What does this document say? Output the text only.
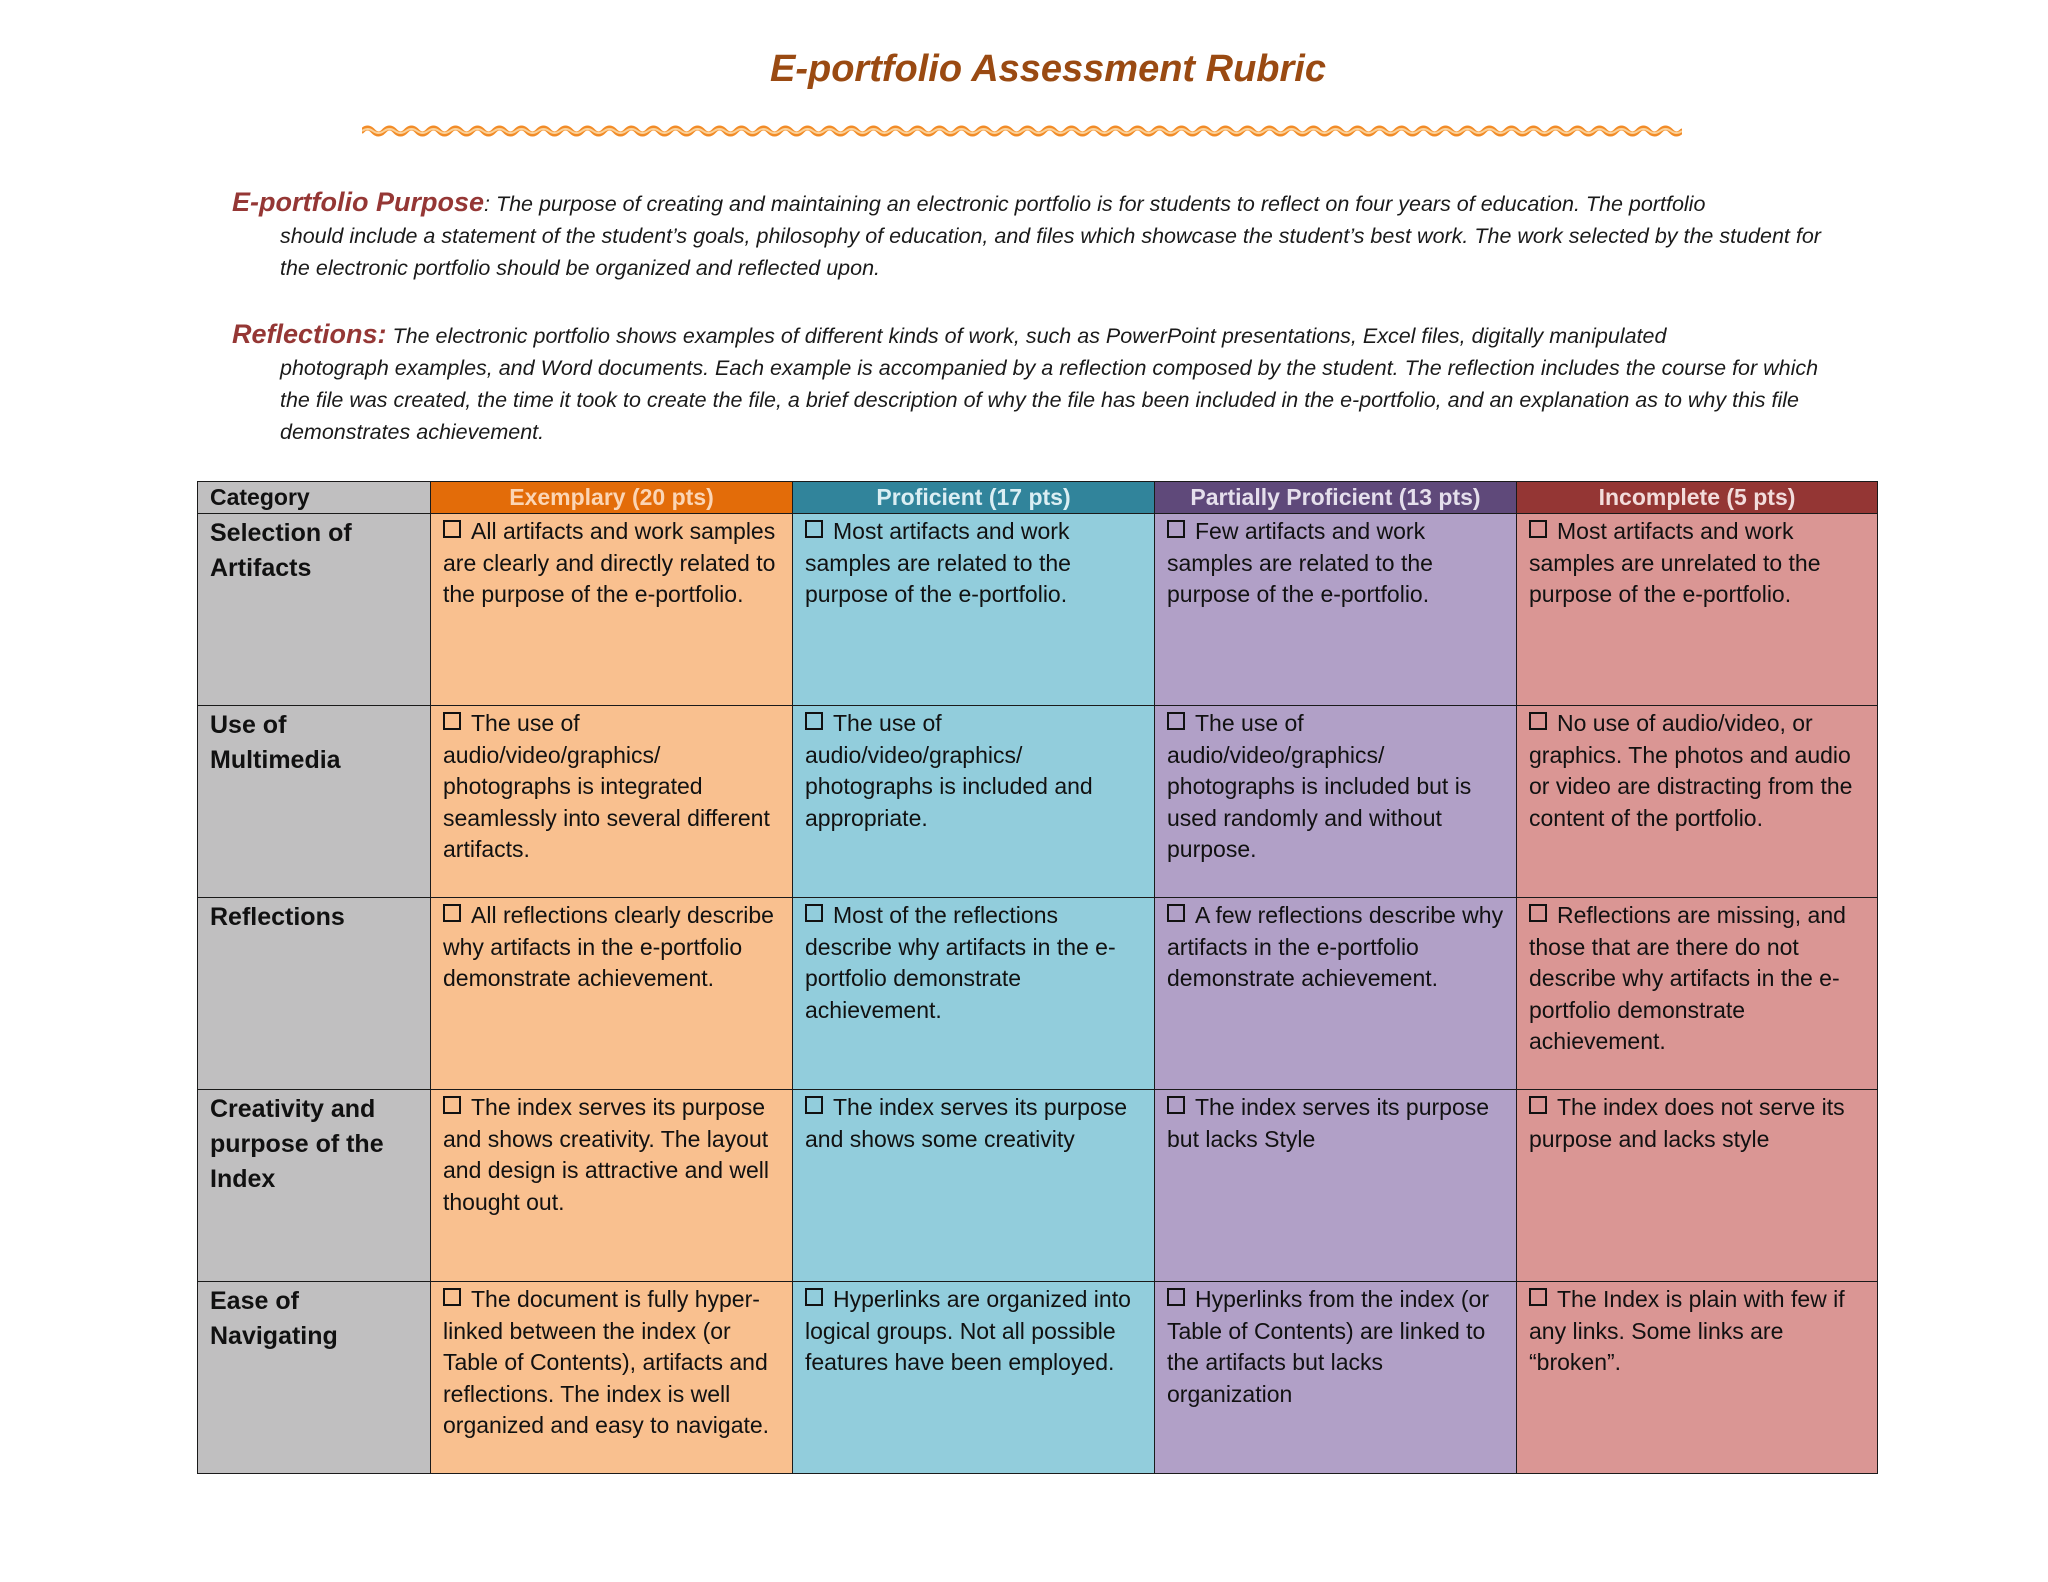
E-portfolio Assessment Rubric
E-portfolio Purpose: The purpose of creating and maintaining an electronic portfolio is for students to reflect on four years of education. The portfolio
should include a statement of the student’s goals, philosophy of education, and files which showcase the student’s best work. The work selected by the student for the electronic portfolio should be organized and reflected upon.
Reflections: The electronic portfolio shows examples of different kinds of work, such as PowerPoint presentations, Excel files, digitally manipulated
photograph examples, and Word documents. Each example is accompanied by a reflection composed by the student. The reflection includes the course for which the file was created, the time it took to create the file, a brief description of why the file has been included in the e-portfolio, and an explanation as to why this file demonstrates achievement.
Category	Exemplary (20 pts)	Proficient (17 pts)	Partially Proficient (13 pts)	Incomplete (5 pts)
Selection of Artifacts	All artifacts and work samples are clearly and directly related to the purpose of the e-portfolio.	Most artifacts and work samples are related to the purpose of the e-portfolio.	Few artifacts and work samples are related to the purpose of the e-portfolio.	Most artifacts and work samples are unrelated to the purpose of the e-portfolio.
Use of Multimedia	The use of audio/video/graphics/ photographs is integrated seamlessly into several different artifacts.	The use of audio/video/graphics/ photographs is included and appropriate.	The use of audio/video/graphics/ photographs is included but is used randomly and without purpose.	No use of audio/video, or graphics. The photos and audio or video are distracting from the content of the portfolio.
Reflections	All reflections clearly describe why artifacts in the e-portfolio demonstrate achievement.	Most of the reflections describe why artifacts in the e-portfolio demonstrate achievement.	A few reflections describe why artifacts in the e-portfolio demonstrate achievement.	Reflections are missing, and those that are there do not describe why artifacts in the e-portfolio demonstrate achievement.
Creativity and purpose of the Index	The index serves its purpose and shows creativity. The layout and design is attractive and well thought out.	The index serves its purpose and shows some creativity	The index serves its purpose but lacks Style	The index does not serve its purpose and lacks style
Ease of Navigating	The document is fully hyper-linked between the index (or Table of Contents), artifacts and reflections. The index is well organized and easy to navigate.	Hyperlinks are organized into logical groups. Not all possible features have been employed.	Hyperlinks from the index (or Table of Contents) are linked to the artifacts but lacks organization	The Index is plain with few if any links. Some links are “broken”.
